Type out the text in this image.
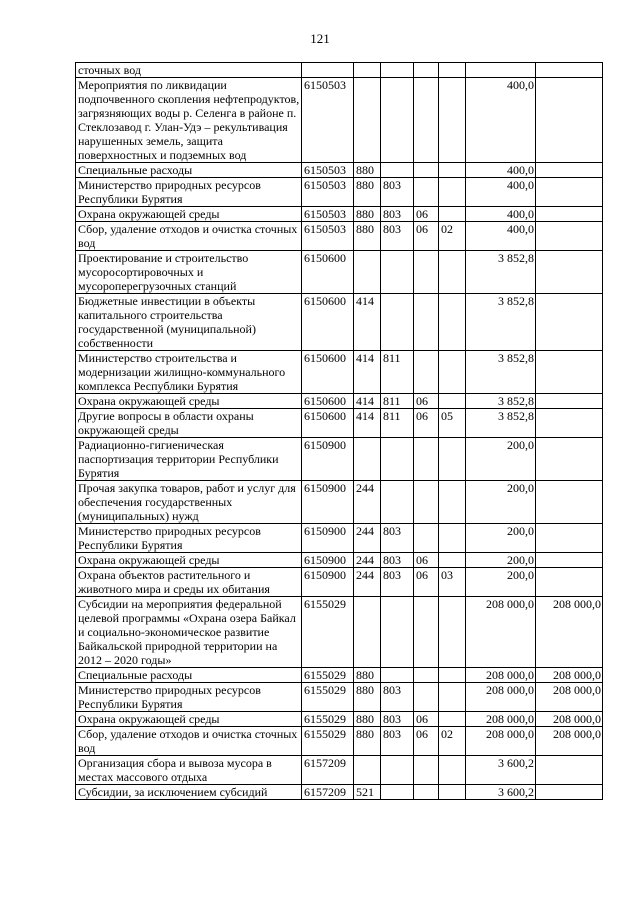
121
сточных вод							
Мероприятия по ликвидации подпочвенного скопления нефтепродуктов, загрязняющих воды р. Селенга в районе п. Стеклозавод г. Улан-Удэ – рекультивация нарушенных земель, защита поверхностных и подземных вод	6150503					400,0	
Специальные расходы	6150503	880				400,0	
Министерство природных ресурсов Республики Бурятия	6150503	880	803			400,0	
Охрана окружающей среды	6150503	880	803	06		400,0	
Сбор, удаление отходов и очистка сточных вод	6150503	880	803	06	02	400,0	
Проектирование и строительство мусоросортировочных и мусороперегрузочных станций	6150600					3 852,8	
Бюджетные инвестиции в объекты капитального строительства государственной (муниципальной) собственности	6150600	414				3 852,8	
Министерство строительства и модернизации жилищно-коммунального комплекса Республики Бурятия	6150600	414	811			3 852,8	
Охрана окружающей среды	6150600	414	811	06		3 852,8	
Другие вопросы в области охраны окружающей среды	6150600	414	811	06	05	3 852,8	
Радиационно-гигиеническая паспортизация территории Республики Бурятия	6150900					200,0	
Прочая закупка товаров, работ и услуг для обеспечения государственных (муниципальных) нужд	6150900	244				200,0	
Министерство природных ресурсов Республики Бурятия	6150900	244	803			200,0	
Охрана окружающей среды	6150900	244	803	06		200,0	
Охрана объектов растительного и животного мира и среды их обитания	6150900	244	803	06	03	200,0	
Субсидии на мероприятия федеральной целевой программы «Охрана озера Байкал и социально-экономическое развитие Байкальской природной территории на 2012 – 2020 годы»	6155029					208 000,0	208 000,0
Специальные расходы	6155029	880				208 000,0	208 000,0
Министерство природных ресурсов Республики Бурятия	6155029	880	803			208 000,0	208 000,0
Охрана окружающей среды	6155029	880	803	06		208 000,0	208 000,0
Сбор, удаление отходов и очистка сточных вод	6155029	880	803	06	02	208 000,0	208 000,0
Организация сбора и вывоза мусора в местах массового отдыха	6157209					3 600,2	
Субсидии, за исключением субсидий	6157209	521				3 600,2	
